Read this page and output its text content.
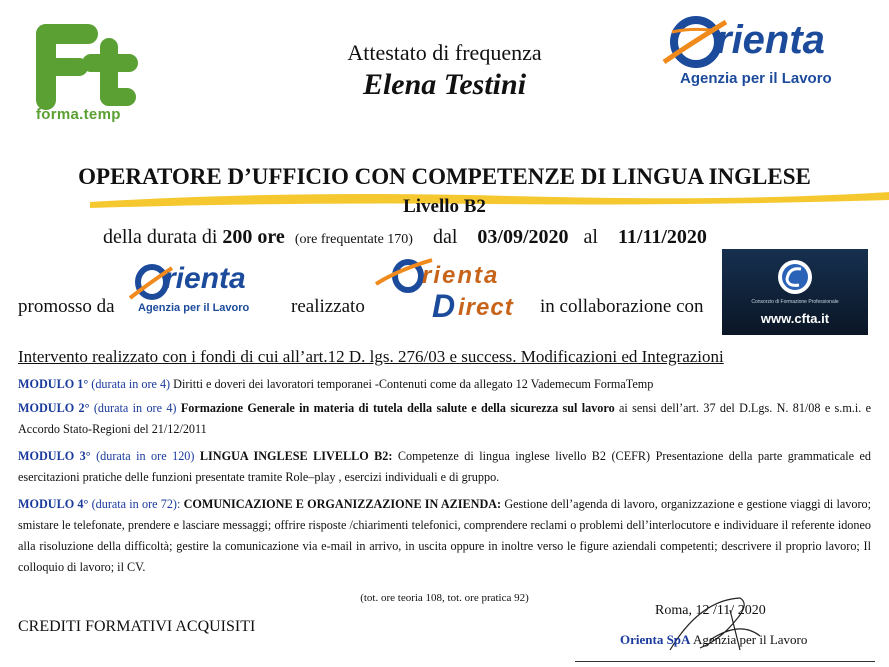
forma.temp
Attestato di frequenza
Elena Testini
rienta
Agenzia per il Lavoro
OPERATORE D’UFFICIO CON COMPETENZE DI LINGUA INGLESE
Livello B2
della durata di 200 ore (ore frequentate 170) dal 03/09/2020 al 11/11/2020
promosso da
rienta
Agenzia per il Lavoro realizzato
rienta
D irect in collaborazione con	Consorzio di Formazione Professionale
www.cfta.it
Intervento realizzato con i fondi di cui all’art.12 D. lgs. 276/03 e success. Modificazioni ed Integrazioni
MODULO 1° (durata in ore 4) Diritti e doveri dei lavoratori temporanei -Contenuti come da allegato 12 Vademecum FormaTemp
MODULO 2° (durata in ore 4) Formazione Generale in materia di tutela della salute e della sicurezza sul lavoro ai sensi dell’art. 37 del D.Lgs. N. 81/08 e s.m.i. e Accordo Stato-Regioni del 21/12/2011
MODULO 3° (durata in ore 120) LINGUA INGLESE LIVELLO B2: Competenze di lingua inglese livello B2 (CEFR) Presentazione della parte grammaticale ed esercitazioni pratiche delle funzioni presentate tramite Role–play , esercizi individuali e di gruppo.
MODULO 4° (durata in ore 72): COMUNICAZIONE E ORGANIZZAZIONE IN AZIENDA: Gestione dell’agenda di lavoro, organizzazione e gestione viaggi di lavoro; smistare le telefonate, prendere e lasciare messaggi; offrire risposte /chiarimenti telefonici, comprendere reclami o problemi dell’interlocutore e individuare il referente idoneo alla risoluzione della difficoltà; gestire la comunicazione via e-mail in arrivo, in uscita oppure in inoltre verso le figure aziendali competenti; descrivere il proprio lavoro; Il colloquio di lavoro; il CV.
(tot. ore teoria 108, tot. ore pratica 92)
CREDITI FORMATIVI ACQUISITI
Roma, 12 /11/ 2020
Orienta SpA Agenzia per il Lavoro
